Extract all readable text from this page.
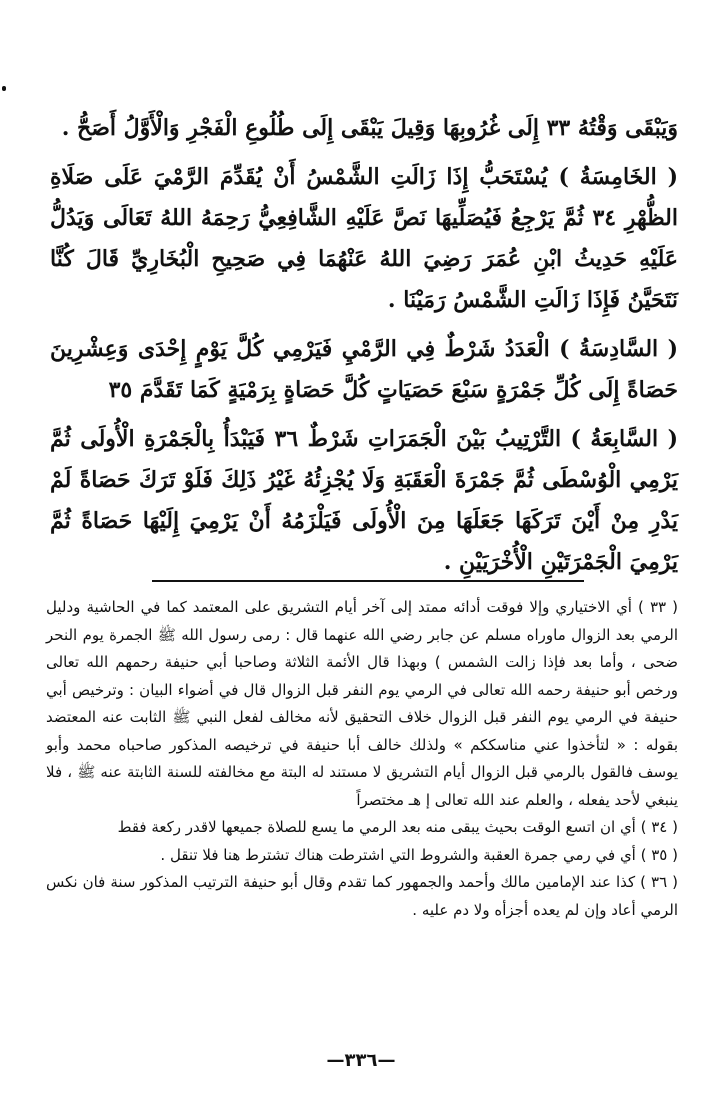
وَيَبْقَى وَقْتُهُ ٣٣ إِلَى غُرُوبِهَا وَقِيلَ يَبْقَى إِلَى طُلُوعِ الْفَجْرِ وَالْأَوَّلُ أَصَحُّ .

( الخَامِسَةُ ) يُسْتَحَبُّ إِذَا زَالَتِ الشَّمْسُ أَنْ يُقَدِّمَ الرَّمْيَ عَلَى صَلَاةِ الظُّهْرِ ٣٤ ثُمَّ يَرْجِعُ فَيُصَلِّيهَا نَصَّ عَلَيْهِ الشَّافِعِيُّ رَحِمَهُ اللهُ تَعَالَى وَيَدُلُّ عَلَيْهِ حَدِيثُ ابْنِ عُمَرَ رَضِيَ اللهُ عَنْهُمَا فِي صَحِيحِ الْبُخَارِيِّ قَالَ كُنَّا نَتَحَيَّنُ فَإِذَا زَالَتِ الشَّمْسُ رَمَيْنَا .

( السَّادِسَةُ ) الْعَدَدُ شَرْطٌ فِي الرَّمْيِ فَيَرْمِي كُلَّ يَوْمٍ إِحْدَى وَعِشْرِينَ حَصَاةً إِلَى كُلِّ جَمْرَةٍ سَبْعَ حَصَيَاتٍ كُلَّ حَصَاةٍ بِرَمْيَةٍ كَمَا تَقَدَّمَ ٣٥

( السَّابِعَةُ ) التَّرْتِيبُ بَيْنَ الْجَمَرَاتِ شَرْطٌ ٣٦ فَيَبْدَأُ بِالْجَمْرَةِ الْأُولَى ثُمَّ يَرْمِي الْوُسْطَى ثُمَّ جَمْرَةَ الْعَقَبَةِ وَلَا يُجْزِئُهُ غَيْرُ ذَلِكَ فَلَوْ تَرَكَ حَصَاةً لَمْ يَدْرِ مِنْ أَيْنَ تَرَكَهَا جَعَلَهَا مِنَ الْأُولَى فَيَلْزَمُهُ أَنْ يَرْمِيَ إِلَيْهَا حَصَاةً ثُمَّ يَرْمِيَ الْجَمْرَتَيْنِ الْأُخْرَيَيْنِ .

( ٣٣ ) أي الاختياري وإلا فوقت أدائه ممتد إلى آخر أيام التشريق على المعتمد كما في الحاشية ودليل الرمي بعد الزوال ماوراه مسلم عن جابر رضي الله عنهما قال : رمى رسول الله ﷺ الجمرة يوم النحر ضحى ، وأما بعد فإذا زالت الشمس ) وبهذا قال الأئمة الثلاثة وصاحبا أبي حنيفة رحمهم الله تعالى ورخص أبو حنيفة رحمه الله تعالى في الرمي يوم النفر قبل الزوال قال في أضواء البيان : وترخيص أبي حنيفة في الرمي يوم النفر قبل الزوال خلاف التحقيق لأنه مخالف لفعل النبي ﷺ الثابت عنه المعتضد بقوله : « لتأخذوا عني مناسككم » ولذلك خالف أبا حنيفة في ترخيصه المذكور صاحباه محمد وأبو يوسف فالقول بالرمي قبل الزوال أيام التشريق لا مستند له البتة مع مخالفته للسنة الثابتة عنه ﷺ ، فلا ينبغي لأحد يفعله ، والعلم عند الله تعالى إ هـ مختصراً

( ٣٤ ) أي ان اتسع الوقت بحيث يبقى منه بعد الرمي ما يسع للصلاة جميعها لاقدر ركعة فقط

( ٣٥ ) أي في رمي جمرة العقبة والشروط التي اشترطت هناك تشترط هنا فلا تنقل .

( ٣٦ ) كذا عند الإمامين مالك وأحمد والجمهور كما تقدم وقال أبو حنيفة الترتيب المذكور سنة فان نكس الرمي أعاد وإن لم يعده أجزأه ولا دم عليه .

—٣٣٦—
